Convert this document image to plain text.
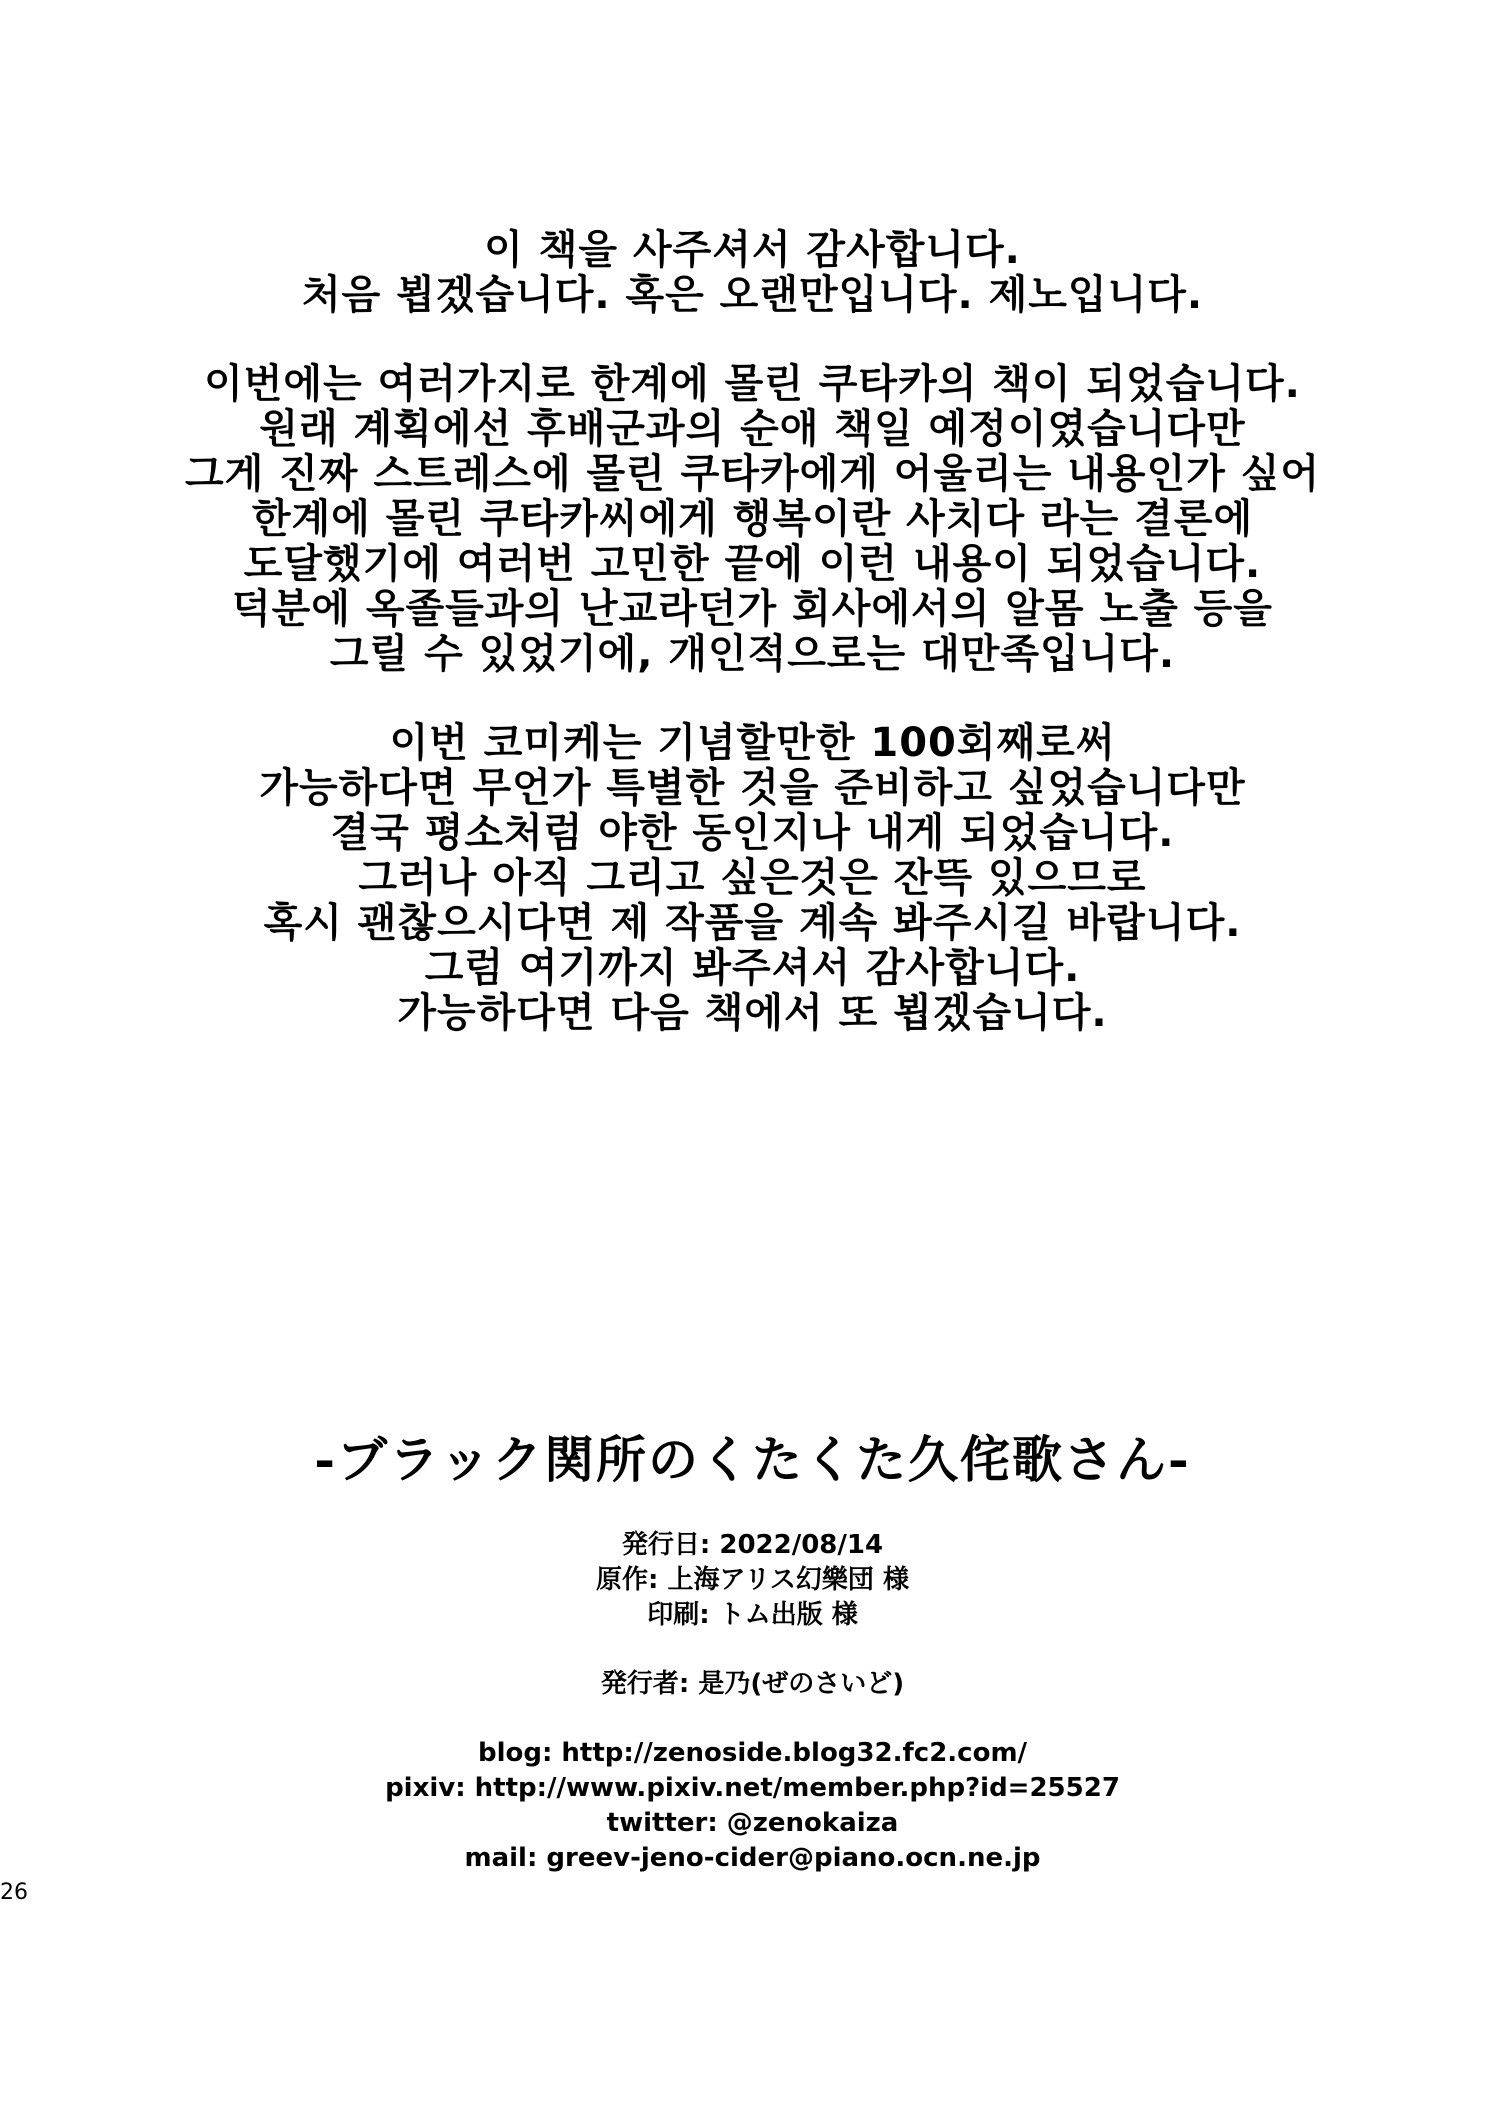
이 책을 사주셔서 감사합니다.
처음 뵙겠습니다. 혹은 오랜만입니다. 제노입니다.

이번에는 여러가지로 한계에 몰린 쿠타카의 책이 되었습니다.
원래 계획에선 후배군과의 순애 책일 예정이였습니다만
그게 진짜 스트레스에 몰린 쿠타카에게 어울리는 내용인가 싶어
한계에 몰린 쿠타카씨에게 행복이란 사치다 라는 결론에
도달했기에 여러번 고민한 끝에 이런 내용이 되었습니다.
덕분에 옥졸들과의 난교라던가 회사에서의 알몸 노출 등을
그릴 수 있었기에, 개인적으로는 대만족입니다.

이번 코미케는 기념할만한 100회째로써
가능하다면 무언가 특별한 것을 준비하고 싶었습니다만
결국 평소처럼 야한 동인지나 내게 되었습니다.
그러나 아직 그리고 싶은것은 잔뜩 있으므로
혹시 괜찮으시다면 제 작품을 계속 봐주시길 바랍니다.
그럼 여기까지 봐주셔서 감사합니다.
가능하다면 다음 책에서 또 뵙겠습니다.

-ブラック関所のくたくた久侘歌さん-
発行日: 2022/08/14
原作: 上海アリス幻樂団 様
印刷: トム出版 様
発行者: 是乃(ぜのさいど)
blog: http://zenoside.blog32.fc2.com/
pixiv: http://www.pixiv.net/member.php?id=25527
twitter: @zenokaiza
mail: greev-jeno-cider@piano.ocn.ne.jp
26
